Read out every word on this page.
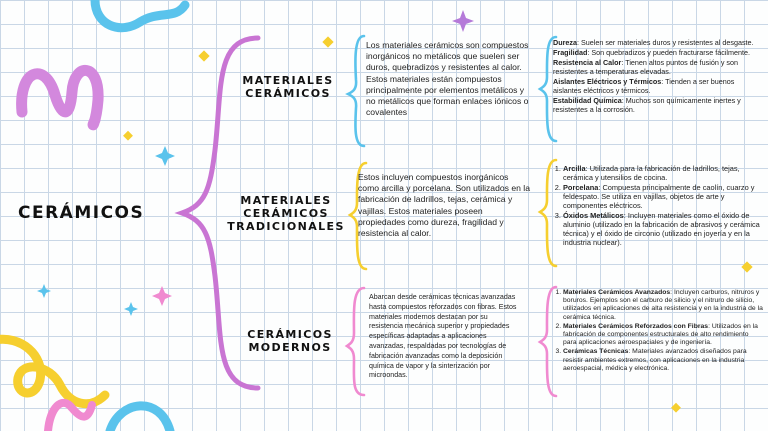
CERÁMICOS
MATERIALES CERÁMICOS
Los materiales cerámicos son compuestos inorgánicos no metálicos que suelen ser duros, quebradizos y resistentes al calor. Estos materiales están compuestos principalmente por elementos metálicos y no metálicos que forman enlaces iónicos o covalentes

Dureza: Suelen ser materiales duros y resistentes al desgaste.

Fragilidad: Son quebradizos y pueden fracturarse fácilmente.

Resistencia al Calor: Tienen altos puntos de fusión y son resistentes a temperaturas elevadas.

Aislantes Eléctricos y Térmicos: Tienden a ser buenos aislantes eléctricos y térmicos.

Estabilidad Química: Muchos son químicamente inertes y resistentes a la corrosión.

MATERIALES CERÁMICOS TRADICIONALES
Estos incluyen compuestos inorgánicos como arcilla y porcelana. Son utilizados en la fabricación de ladrillos, tejas, cerámica y vajillas. Estos materiales poseen propiedades como dureza, fragilidad y resistencia al calor.
1. Arcilla: Utilizada para la fabricación de ladrillos, tejas, cerámica y utensilios de cocina.
2. Porcelana: Compuesta principalmente de caolín, cuarzo y feldespato. Se utiliza en vajillas, objetos de arte y componentes eléctricos.
3. Óxidos Metálicos: Incluyen materiales como el óxido de aluminio (utilizado en la fabricación de abrasivos y cerámica técnica) y el óxido de circonio (utilizado en joyería y en la industria nuclear).
CERÁMICOS MODERNOS
Abarcan desde cerámicas técnicas avanzadas hasta compuestos reforzados con fibras. Estos materiales modernos destacan por su resistencia mecánica superior y propiedades específicas adaptadas a aplicaciones avanzadas, respaldadas por tecnologías de fabricación avanzadas como la deposición química de vapor y la sinterización por microondas.
1. Materiales Cerámicos Avanzados: Incluyen carburos, nitruros y boruros. Ejemplos son el carburo de silicio y el nitruro de silicio, utilizados en aplicaciones de alta resistencia y en la industria de la cerámica técnica.
2. Materiales Cerámicos Reforzados con Fibras: Utilizados en la fabricación de componentes estructurales de alto rendimiento para aplicaciones aeroespaciales y de ingeniería.
3. Cerámicas Técnicas: Materiales avanzados diseñados para resistir ambientes extremos, con aplicaciones en la industria aeroespacial, médica y electrónica.
